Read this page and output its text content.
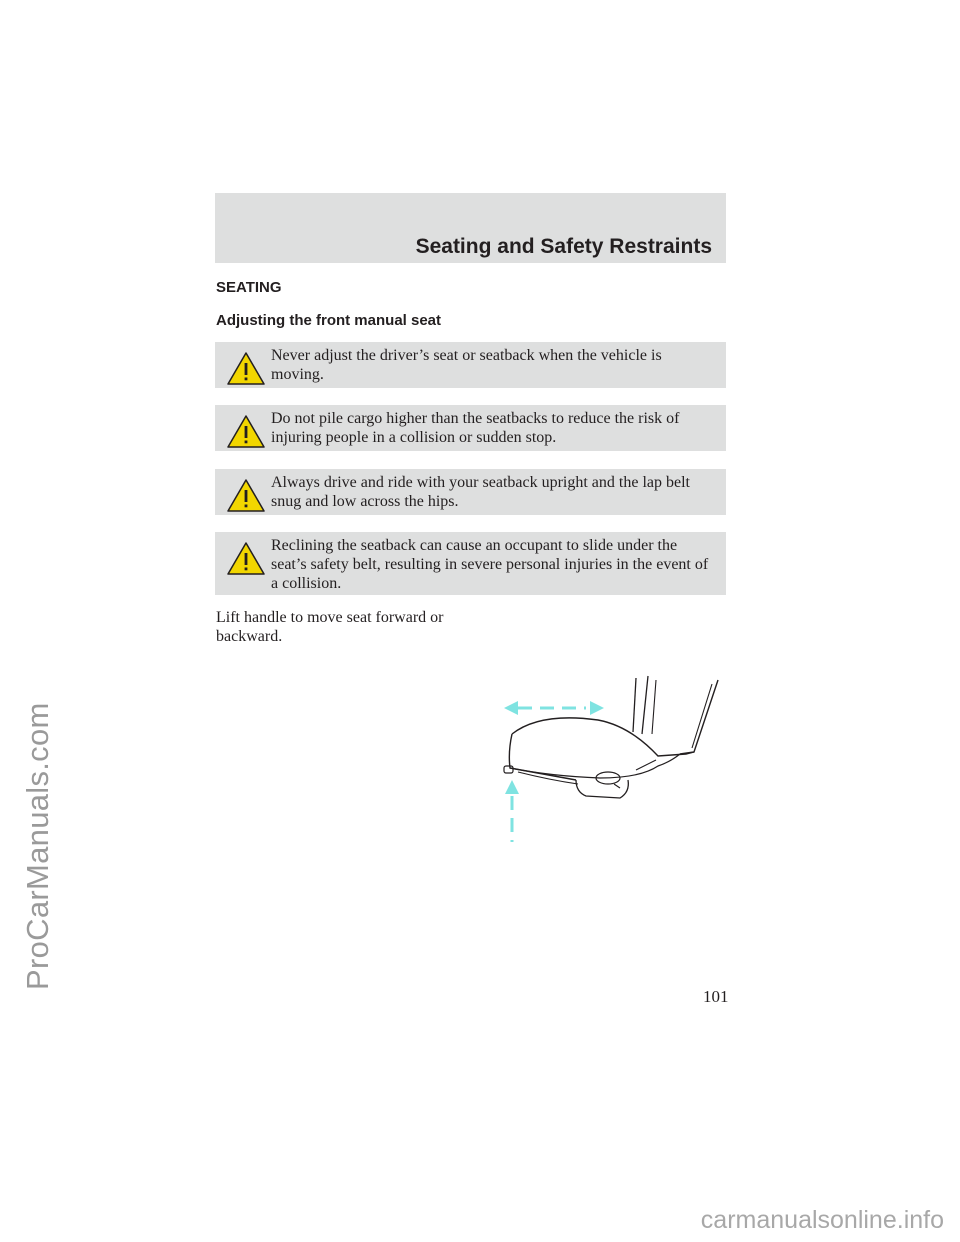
ProCarManuals.com
Seating and Safety Restraints
SEATING
Adjusting the front manual seat
Never adjust the driver’s seat or seatback when the vehicle is moving.
Do not pile cargo higher than the seatbacks to reduce the risk of injuring people in a collision or sudden stop.
Always drive and ride with your seatback upright and the lap belt snug and low across the hips.
Reclining the seatback can cause an occupant to slide under the seat’s safety belt, resulting in severe personal injuries in the event of a collision.
Lift handle to move seat forward or backward.
101
carmanualsonline.info
